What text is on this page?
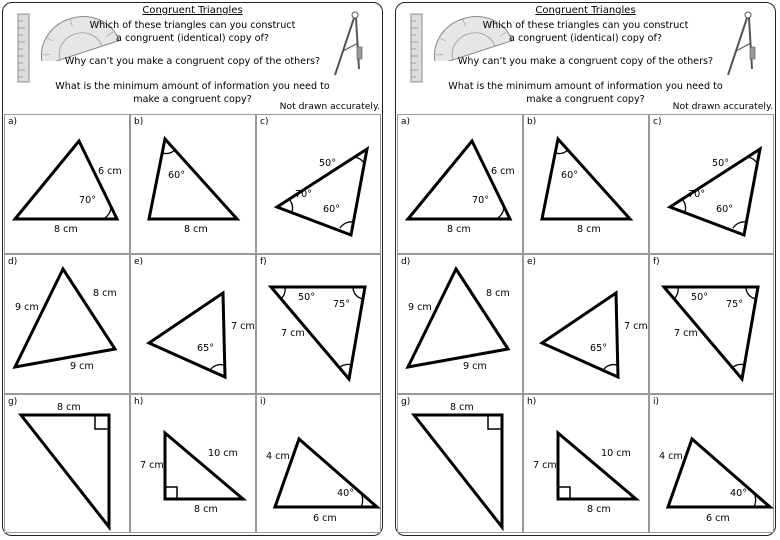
Congruent Triangles
Which of these triangles can you construct
a congruent (identical) copy of?
Why can’t you make a congruent copy of the others?
What is the minimum amount of information you need to
make a congruent copy?
Not drawn accurately.
a)
6 cm
70°
8 cm
b)
60°
8 cm
c)
50°
70°
60°
d)
9 cm
8 cm
9 cm
e)
7 cm
65°
f)
50°
75°
7 cm
g)	8 cm	h)
7 cm
10 cm
8 cm
i)
4 cm
40°
6 cm
Congruent Triangles
Which of these triangles can you construct
a congruent (identical) copy of?
Why can’t you make a congruent copy of the others?
What is the minimum amount of information you need to
make a congruent copy?
Not drawn accurately.
a)
6 cm
70°
8 cm
b)
60°
8 cm
c)
50°
70°
60°
d)
9 cm
8 cm
9 cm
e)
7 cm
65°
f)
50°
75°
7 cm
g)	8 cm	h)
7 cm
10 cm
8 cm
i)
4 cm
40°
6 cm
